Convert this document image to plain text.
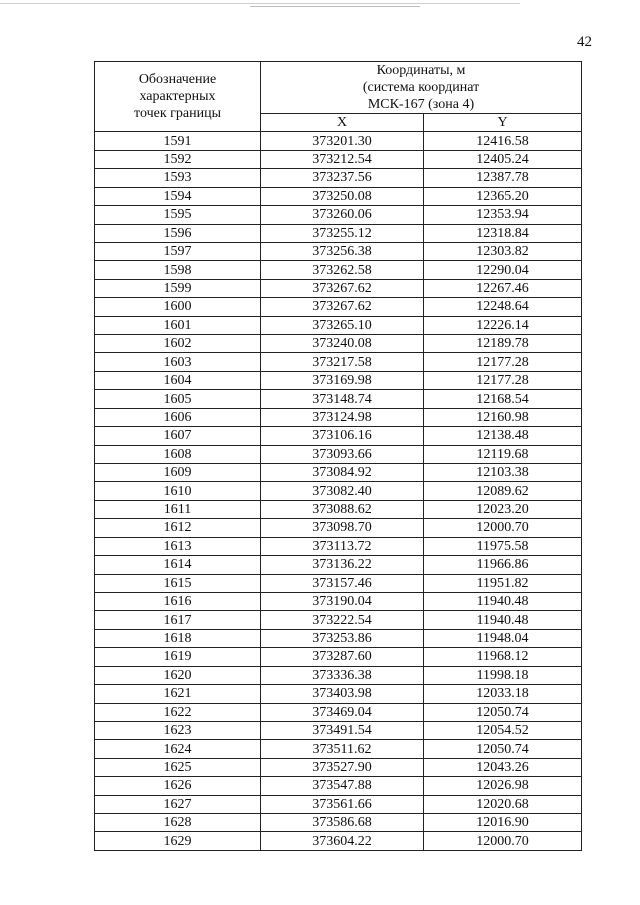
42
Обозначение
характерных
точек границы	Координаты, м
(система координат
МСК-167 (зона 4)	
	X	Y
1591	373201.30	12416.58
1592	373212.54	12405.24
1593	373237.56	12387.78
1594	373250.08	12365.20
1595	373260.06	12353.94
1596	373255.12	12318.84
1597	373256.38	12303.82
1598	373262.58	12290.04
1599	373267.62	12267.46
1600	373267.62	12248.64
1601	373265.10	12226.14
1602	373240.08	12189.78
1603	373217.58	12177.28
1604	373169.98	12177.28
1605	373148.74	12168.54
1606	373124.98	12160.98
1607	373106.16	12138.48
1608	373093.66	12119.68
1609	373084.92	12103.38
1610	373082.40	12089.62
1611	373088.62	12023.20
1612	373098.70	12000.70
1613	373113.72	11975.58
1614	373136.22	11966.86
1615	373157.46	11951.82
1616	373190.04	11940.48
1617	373222.54	11940.48
1618	373253.86	11948.04
1619	373287.60	11968.12
1620	373336.38	11998.18
1621	373403.98	12033.18
1622	373469.04	12050.74
1623	373491.54	12054.52
1624	373511.62	12050.74
1625	373527.90	12043.26
1626	373547.88	12026.98
1627	373561.66	12020.68
1628	373586.68	12016.90
1629	373604.22	12000.70
